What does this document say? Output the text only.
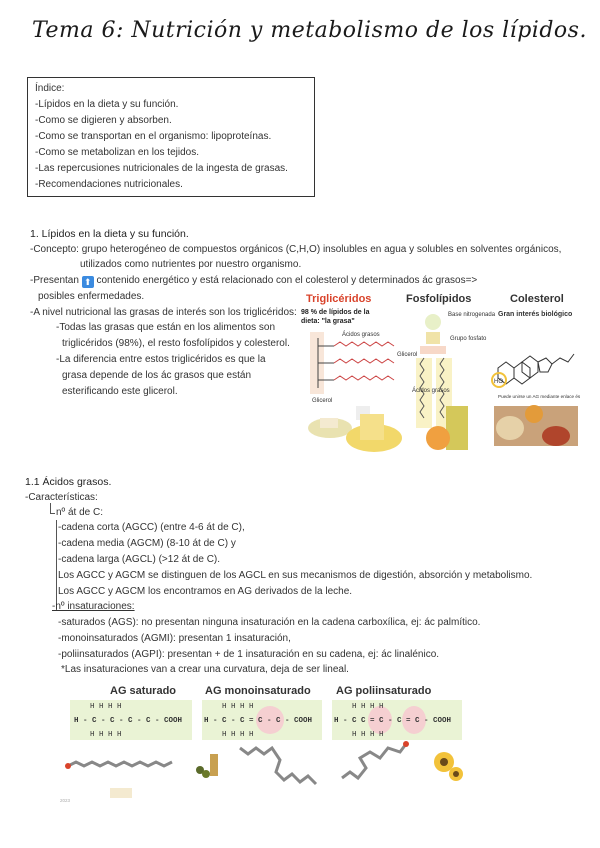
Tema 6: Nutrición y metabolismo de los lípidos.
Índice:
-Lípidos en la dieta y su función.
-Como se digieren y absorben.
-Como se transportan en el organismo: lipoproteínas.
-Como se metabolizan en los tejidos.
-Las repercusiones nutricionales de la ingesta de grasas.
-Recomendaciones nutricionales.
1. Lípidos en la dieta y su función.
-Concepto: grupo heterogéneo de compuestos orgánicos (C,H,O) insolubles en agua y solubles en solventes orgánicos,
utilizados como nutrientes por nuestro organismo.
-Presentan ⬆ contenido energético y está relacionado con el colesterol y determinados ác grasos=>
posibles enfermedades.
-A nivel nutricional las grasas de interés son los triglicéridos:
-Todas las grasas que están en los alimentos son
triglicéridos (98%), el resto fosfolípidos y colesterol.
-La diferencia entre estos triglicéridos es que la
grasa depende de los ác grasos que están
esterificando este glicerol.
Triglicéridos	Fosfolípidos	Colesterol
98 % de lípidos de la
dieta: "la grasa"
Ácidos grasos
Glicerol
Base nitrogenada
Grupo fosfato
Glicerol
Ácidos grasos
Gran interés biológico
HO
Puede unirse un AG mediante enlace éster
1.1 Ácidos grasos.
-Características:
nº át de C:
-cadena corta (AGCC) (entre 4-6 át de C),
-cadena media (AGCM) (8-10 át de C) y
-cadena larga (AGCL) (>12 át de C).
Los AGCC y AGCM se distinguen de los AGCL en sus mecanismos de digestión, absorción y metabolismo.
Los AGCC y AGCM los encontramos en AG derivados de la leche.
-nº insaturaciones:
-saturados (AGS): no presentan ninguna insaturación en la cadena carboxílica, ej: ác palmítico.
-monoinsaturados (AGMI): presentan 1 insaturación,
-poliinsaturados (AGPI): presentan + de 1 insaturación en su cadena, ej: ác linalénico.
*Las insaturaciones van a crear una curvatura, deja de ser lineal.
AG saturado	AG monoinsaturado AG poliinsaturado
H H H H
H - C - C - C - C - COOH
H H H H
H H H H
H - C - C = C - C - COOH
H H H H
H H H H
H - C C = C - C = C - COOH
H H H H
2023
